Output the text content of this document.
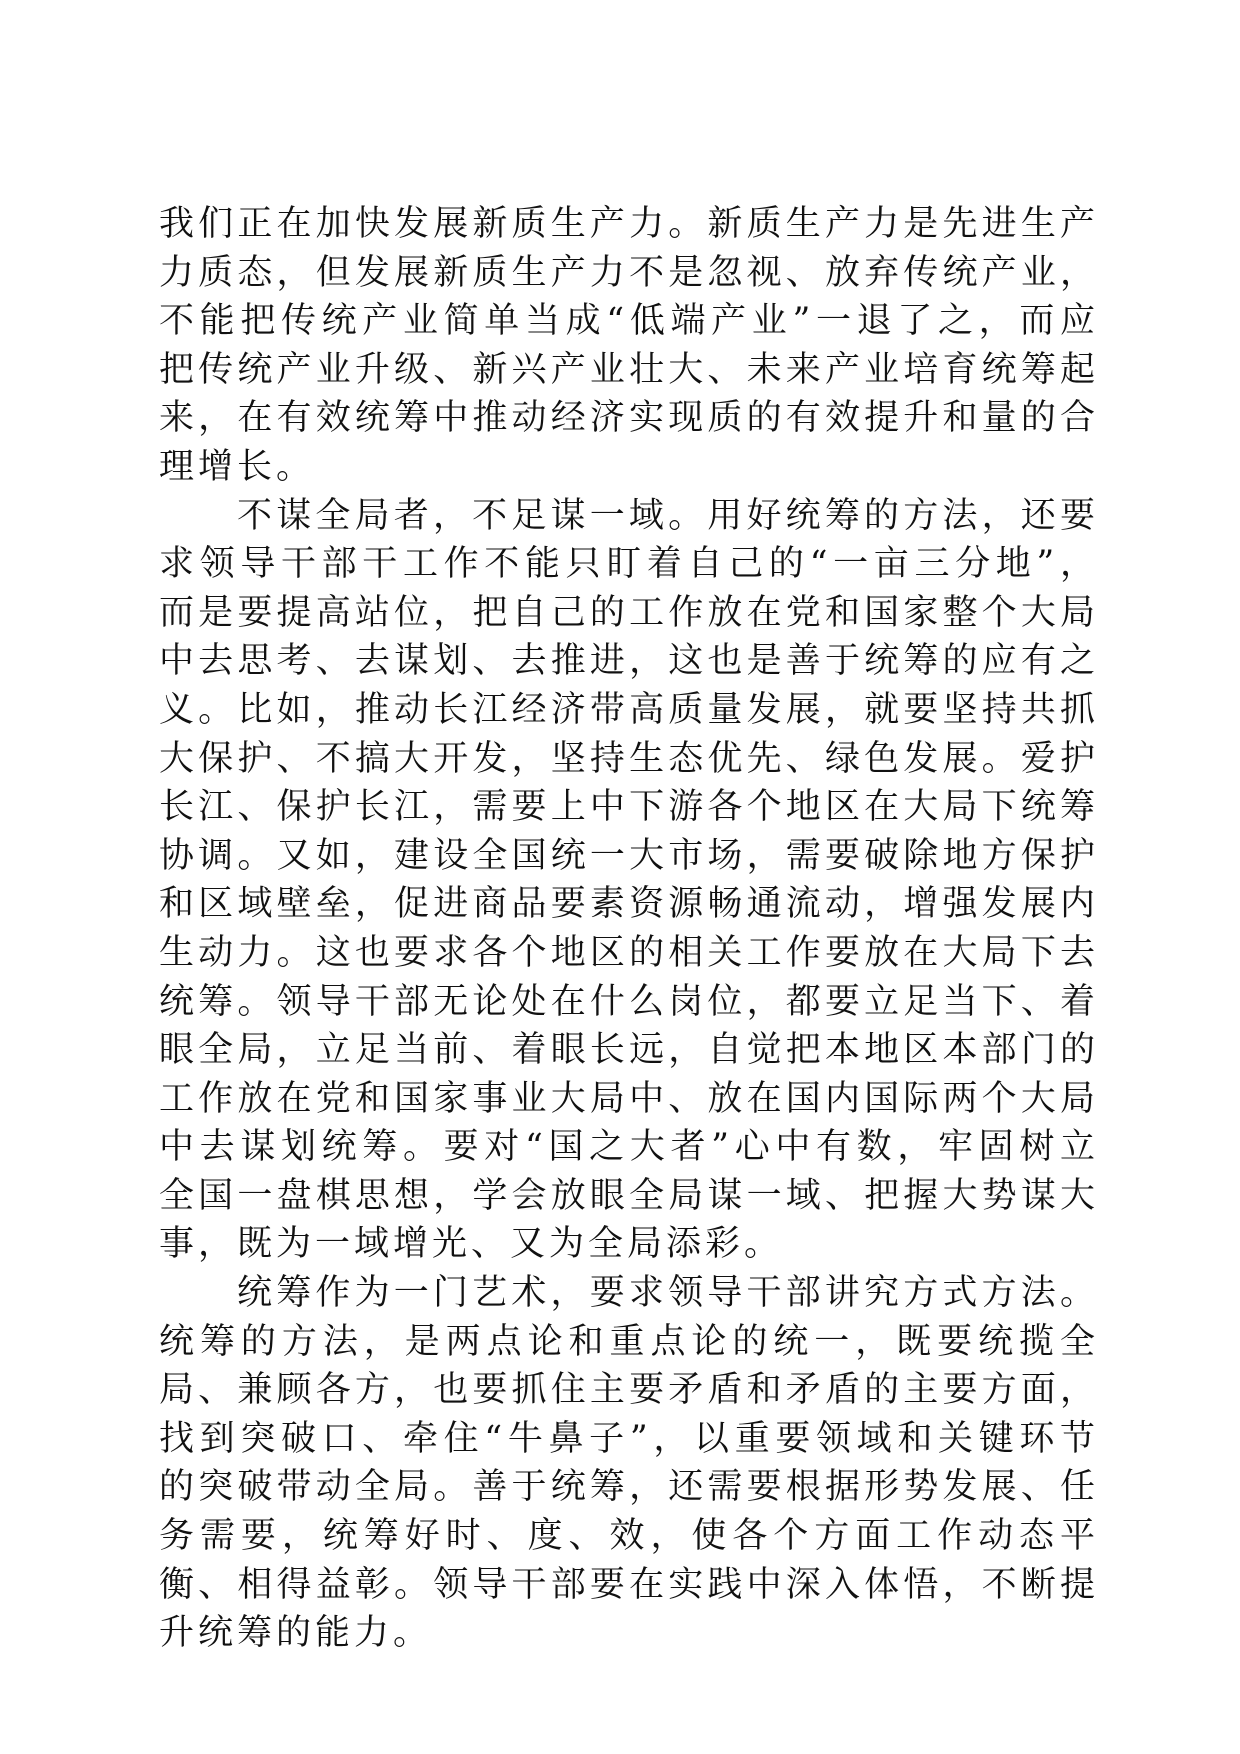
我们正在加快发展新质生产力。新质生产力是先进生产力质态，但发展新质生产力不是忽视、放弃传统产业，不能把传统产业简单当成“低端产业”一退了之，而应把传统产业升级、新兴产业壮大、未来产业培育统筹起来，在有效统筹中推动经济实现质的有效提升和量的合理增长。

不谋全局者，不足谋一域。用好统筹的方法，还要求领导干部干工作不能只盯着自己的“一亩三分地”，而是要提高站位，把自己的工作放在党和国家整个大局中去思考、去谋划、去推进，这也是善于统筹的应有之义。比如，推动长江经济带高质量发展，就要坚持共抓大保护、不搞大开发，坚持生态优先、绿色发展。爱护长江、保护长江，需要上中下游各个地区在大局下统筹协调。又如，建设全国统一大市场，需要破除地方保护和区域壁垒，促进商品要素资源畅通流动，增强发展内生动力。这也要求各个地区的相关工作要放在大局下去统筹。领导干部无论处在什么岗位，都要立足当下、着眼全局，立足当前、着眼长远，自觉把本地区本部门的工作放在党和国家事业大局中、放在国内国际两个大局中去谋划统筹。要对“国之大者”心中有数，牢固树立全国一盘棋思想，学会放眼全局谋一域、把握大势谋大事，既为一域增光、又为全局添彩。

统筹作为一门艺术，要求领导干部讲究方式方法。统筹的方法，是两点论和重点论的统一，既要统揽全局、兼顾各方，也要抓住主要矛盾和矛盾的主要方面，找到突破口、牵住“牛鼻子”，以重要领域和关键环节的突破带动全局。善于统筹，还需要根据形势发展、任务需要，统筹好时、度、效，使各个方面工作动态平衡、相得益彰。领导干部要在实践中深入体悟，不断提升统筹的能力。
